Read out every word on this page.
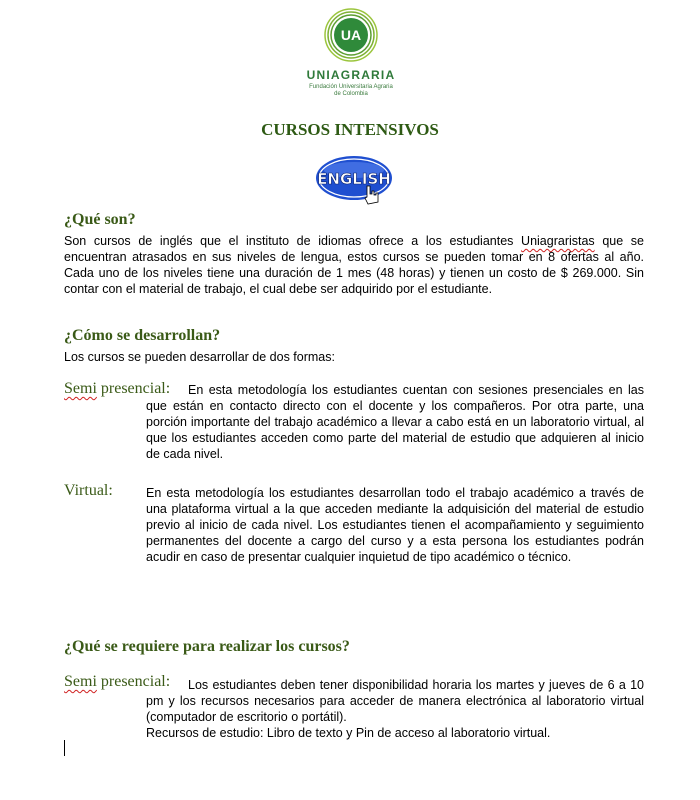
UA
UNIAGRARIA
Fundación Universitaria Agraria
de Colombia
CURSOS INTENSIVOS
ENGLISH
¿Qué son?
Son cursos de inglés que el instituto de idiomas ofrece a los estudiantes Uniagraristas que se encuentran atrasados en sus niveles de lengua, estos cursos se pueden tomar en 8 ofertas al año. Cada uno de los niveles tiene una duración de 1 mes (48 horas) y tienen un costo de $ 269.000. Sin contar con el material de trabajo, el cual debe ser adquirido por el estudiante.
¿Cómo se desarrollan?
Los cursos se pueden desarrollar de dos formas:
Semi presencial:	En esta metodología los estudiantes cuentan con sesiones presenciales en las que están en contacto directo con el docente y los compañeros. Por otra parte, una porción importante del trabajo académico a llevar a cabo está en un laboratorio virtual, al que los estudiantes acceden como parte del material de estudio que adquieren al inicio de cada nivel.
Virtual:	En esta metodología los estudiantes desarrollan todo el trabajo académico a través de una plataforma virtual a la que acceden mediante la adquisición del material de estudio previo al inicio de cada nivel. Los estudiantes tienen el acompañamiento y seguimiento permanentes del docente a cargo del curso y a esta persona los estudiantes podrán acudir en caso de presentar cualquier inquietud de tipo académico o técnico.
¿Qué se requiere para realizar los cursos?
Semi presencial:	Los estudiantes deben tener disponibilidad horaria los martes y jueves de 6 a 10 pm y los recursos necesarios para acceder de manera electrónica al laboratorio virtual (computador de escritorio o portátil).
Recursos de estudio: Libro de texto y Pin de acceso al laboratorio virtual.
